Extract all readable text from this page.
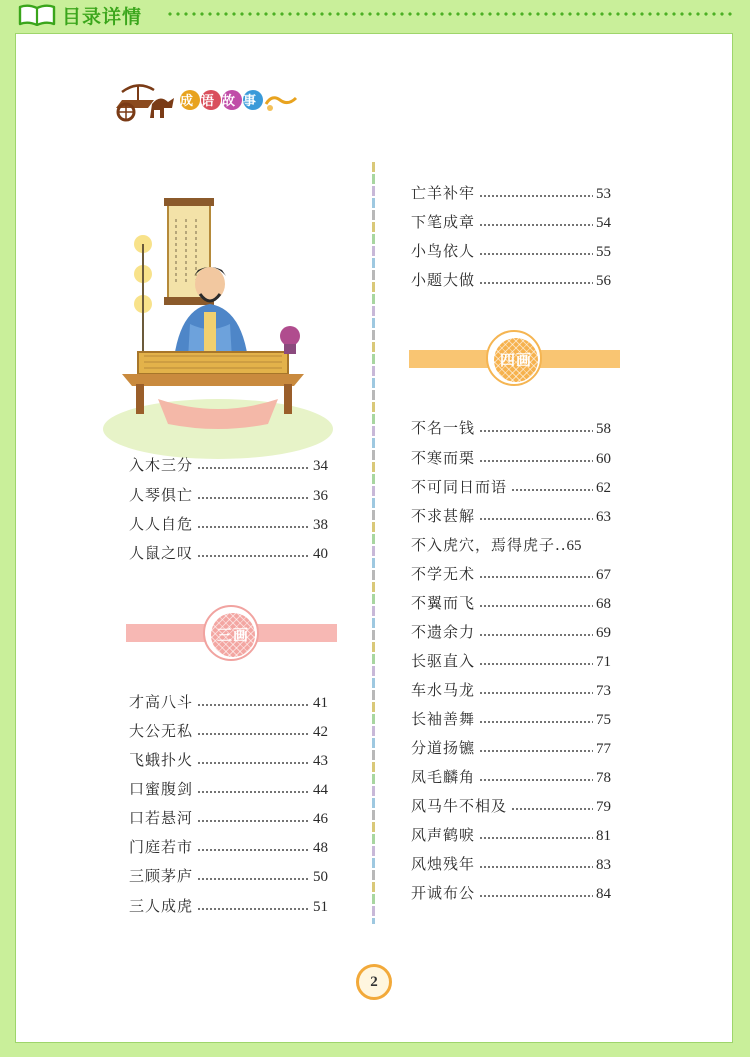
目录详情
成语故事
入木三分	34
人琴俱亡	36
人人自危	38
人鼠之叹	40
三画
才高八斗	41
大公无私	42
飞蛾扑火	43
口蜜腹剑	44
口若悬河	46
门庭若市	48
三顾茅庐	50
三人成虎	51
亡羊补牢	53
下笔成章	54
小鸟依人	55
小题大做	56
四画
不名一钱	58
不寒而栗	60
不可同日而语	62
不求甚解	63
不入虎穴，焉得虎子.. 65
不学无术	67
不翼而飞	68
不遗余力	69
长驱直入	71
车水马龙	73
长袖善舞	75
分道扬镳	77
凤毛麟角	78
风马牛不相及	79
风声鹤唳	81
风烛残年	83
开诚布公	84
2
